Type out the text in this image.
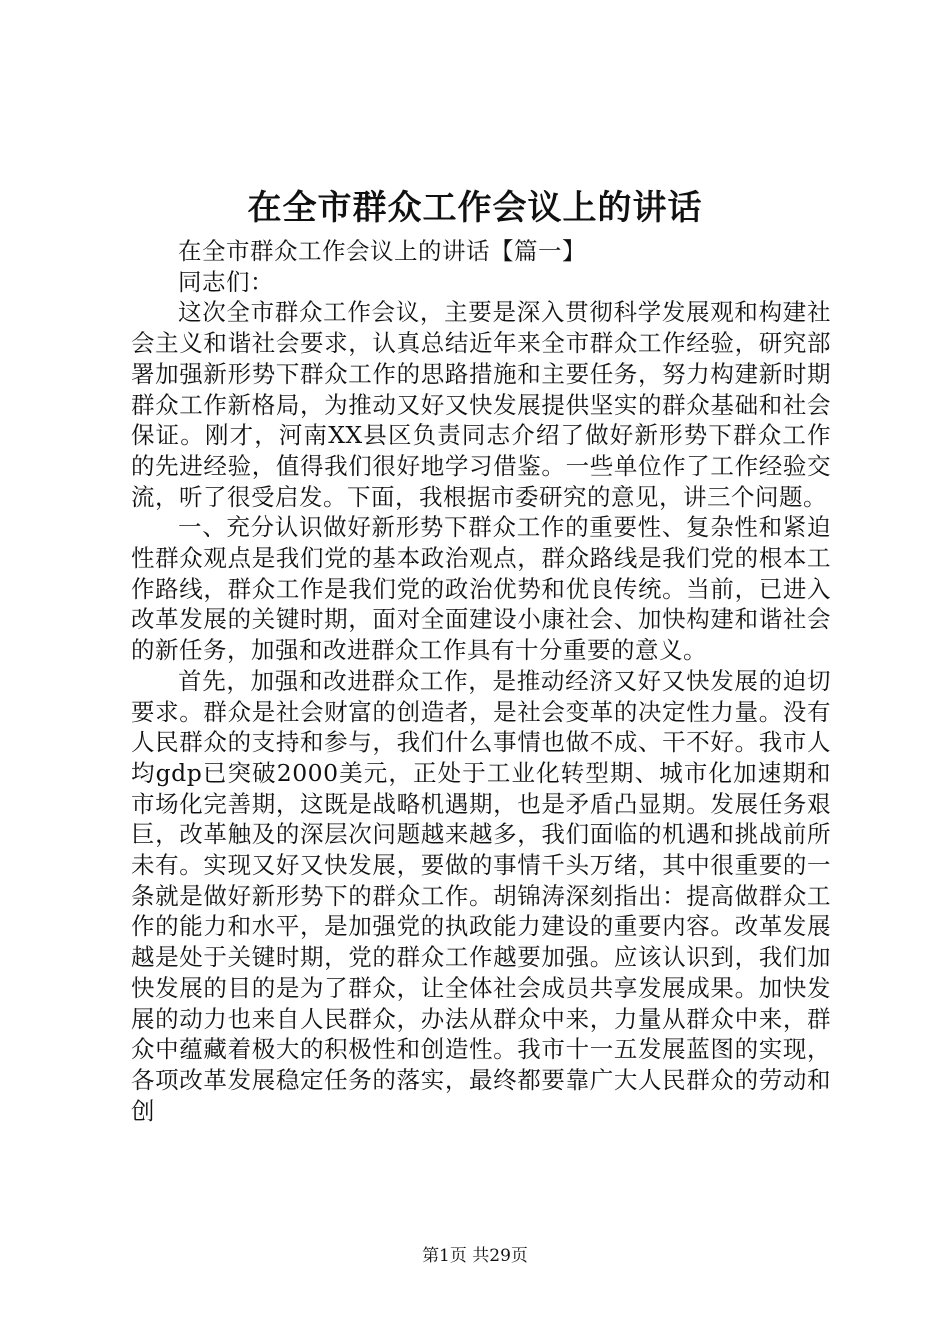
在全市群众工作会议上的讲话

在全市群众工作会议上的讲话【篇一】

同志们：

这次全市群众工作会议，主要是深入贯彻科学发展观和构建社会主义和谐社会要求，认真总结近年来全市群众工作经验，研究部署加强新形势下群众工作的思路措施和主要任务，努力构建新时期群众工作新格局，为推动又好又快发展提供坚实的群众基础和社会保证。刚才，河南XX县区负责同志介绍了做好新形势下群众工作的先进经验，值得我们很好地学习借鉴。一些单位作了工作经验交流，听了很受启发。下面，我根据市委研究的意见，讲三个问题。

一、充分认识做好新形势下群众工作的重要性、复杂性和紧迫性群众观点是我们党的基本政治观点，群众路线是我们党的根本工作路线，群众工作是我们党的政治优势和优良传统。当前，已进入改革发展的关键时期，面对全面建设小康社会、加快构建和谐社会的新任务，加强和改进群众工作具有十分重要的意义。

首先，加强和改进群众工作，是推动经济又好又快发展的迫切要求。群众是社会财富的创造者，是社会变革的决定性力量。没有人民群众的支持和参与，我们什么事情也做不成、干不好。我市人均gdp已突破2000美元，正处于工业化转型期、城市化加速期和市场化完善期，这既是战略机遇期，也是矛盾凸显期。发展任务艰巨，改革触及的深层次问题越来越多，我们面临的机遇和挑战前所未有。实现又好又快发展，要做的事情千头万绪，其中很重要的一条就是做好新形势下的群众工作。胡锦涛深刻指出：提高做群众工作的能力和水平，是加强党的执政能力建设的重要内容。改革发展越是处于关键时期，党的群众工作越要加强。应该认识到，我们加快发展的目的是为了群众，让全体社会成员共享发展成果。加快发展的动力也来自人民群众，办法从群众中来，力量从群众中来，群众中蕴藏着极大的积极性和创造性。我市十一五发展蓝图的实现，各项改革发展稳定任务的落实，最终都要靠广大人民群众的劳动和创

第1页 共29页
